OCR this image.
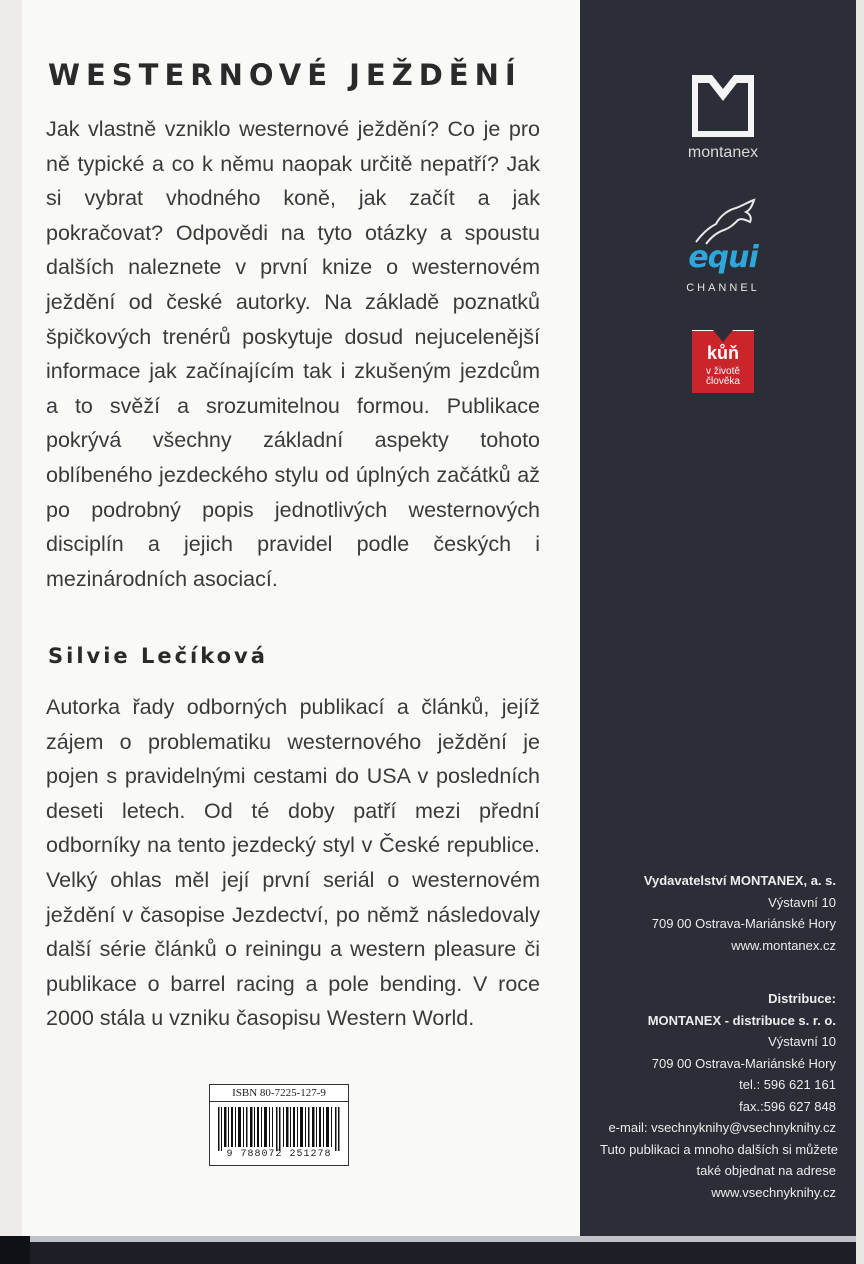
WESTERNOVÉ JEŽDĚNÍ

Jak vlastně vzniklo westernové ježdění? Co je pro ně typické a co k němu naopak určitě nepatří? Jak si vybrat vhodného koně, jak začít a jak pokračovat? Odpovědi na tyto otázky a spoustu dalších naleznete v první knize o westernovém ježdění od české autorky. Na základě poznatků špičkových trenérů poskytuje dosud nejucelenější informace jak začínajícím tak i zkušeným jezdcům a to svěží a srozumitelnou formou. Publikace pokrývá všechny základní aspekty tohoto oblíbeného jezdeckého stylu od úplných začátků až po podrobný popis jednotlivých westernových disciplín a jejich pravidel podle českých i mezinárodních asociací.

Silvie Lečíková

Autorka řady odborných publikací a článků, jejíž zájem o problematiku westernového ježdění je pojen s pravidelnými cestami do USA v posledních deseti letech. Od té doby patří mezi přední odborníky na tento jezdecký styl v České republice. Velký ohlas měl její první seriál o westernovém ježdění v časopise Jezdectví, po němž následovaly další série článků o reiningu a western pleasure či publikace o barrel racing a pole bending. V roce 2000 stála u vzniku časopisu Western World.

ISBN 80-7225-127-9
9 788072 251278
montanex
equi
CHANNEL
kůň
v životě
člověka
Vydavatelství MONTANEX, a. s.
Výstavní 10
709 00 Ostrava-Mariánské Hory
www.montanex.cz
Distribuce:
MONTANEX - distribuce s. r. o.
Výstavní 10
709 00 Ostrava-Mariánské Hory
tel.: 596 621 161
fax.:596 627 848
e-mail: vsechnyknihy@vsechnyknihy.cz
Tuto publikaci a mnoho dalších si můžete
také objednat na adrese
www.vsechnyknihy.cz
